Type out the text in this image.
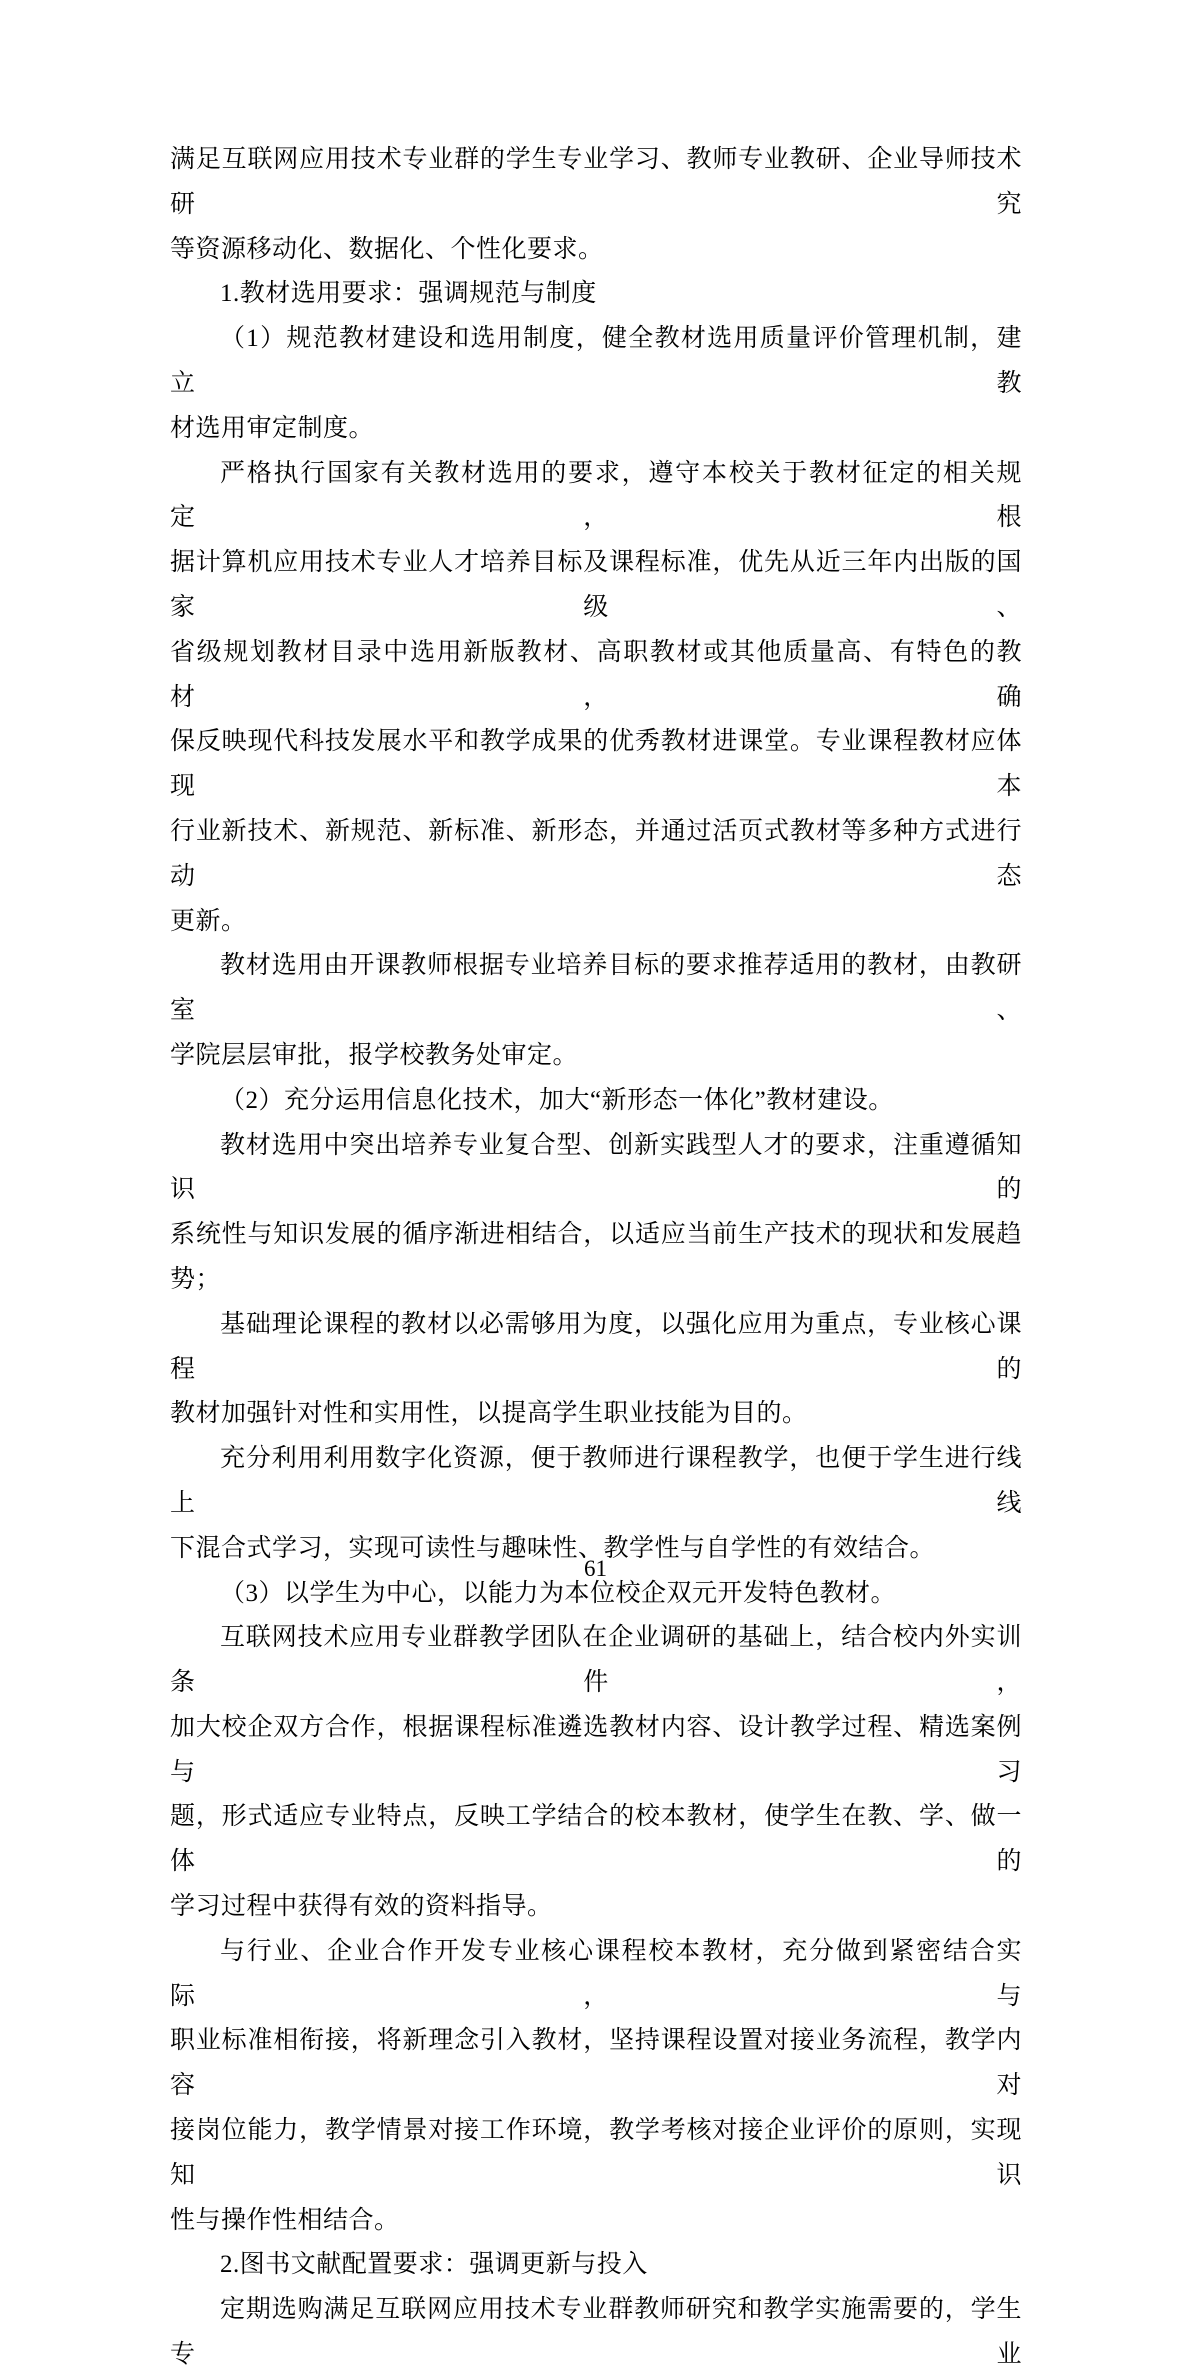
满足互联网应用技术专业群的学生专业学习、教师专业教研、企业导师技术研究
等资源移动化、数据化、个性化要求。
1.教材选用要求：强调规范与制度
（1）规范教材建设和选用制度，健全教材选用质量评价管理机制，建立教
材选用审定制度。
严格执行国家有关教材选用的要求，遵守本校关于教材征定的相关规定，根
据计算机应用技术专业人才培养目标及课程标准，优先从近三年内出版的国家级、
省级规划教材目录中选用新版教材、高职教材或其他质量高、有特色的教材，确
保反映现代科技发展水平和教学成果的优秀教材进课堂。专业课程教材应体现本
行业新技术、新规范、新标准、新形态，并通过活页式教材等多种方式进行动态
更新。
教材选用由开课教师根据专业培养目标的要求推荐适用的教材，由教研室、
学院层层审批，报学校教务处审定。
（2）充分运用信息化技术，加大“新形态一体化”教材建设。
教材选用中突出培养专业复合型、创新实践型人才的要求，注重遵循知识的
系统性与知识发展的循序渐进相结合，以适应当前生产技术的现状和发展趋势；
基础理论课程的教材以必需够用为度，以强化应用为重点，专业核心课程的
教材加强针对性和实用性，以提高学生职业技能为目的。
充分利用利用数字化资源，便于教师进行课程教学，也便于学生进行线上线
下混合式学习，实现可读性与趣味性、教学性与自学性的有效结合。
（3）以学生为中心，以能力为本位校企双元开发特色教材。
互联网技术应用专业群教学团队在企业调研的基础上，结合校内外实训条件，
加大校企双方合作，根据课程标准遴选教材内容、设计教学过程、精选案例与习
题，形式适应专业特点，反映工学结合的校本教材，使学生在教、学、做一体的
学习过程中获得有效的资料指导。
与行业、企业合作开发专业核心课程校本教材，充分做到紧密结合实际，与
职业标准相衔接，将新理念引入教材，坚持课程设置对接业务流程，教学内容对
接岗位能力，教学情景对接工作环境，教学考核对接企业评价的原则，实现知识
性与操作性相结合。
2.图书文献配置要求：强调更新与投入
定期选购满足互联网应用技术专业群教师研究和教学实施需要的，学生专业
61
